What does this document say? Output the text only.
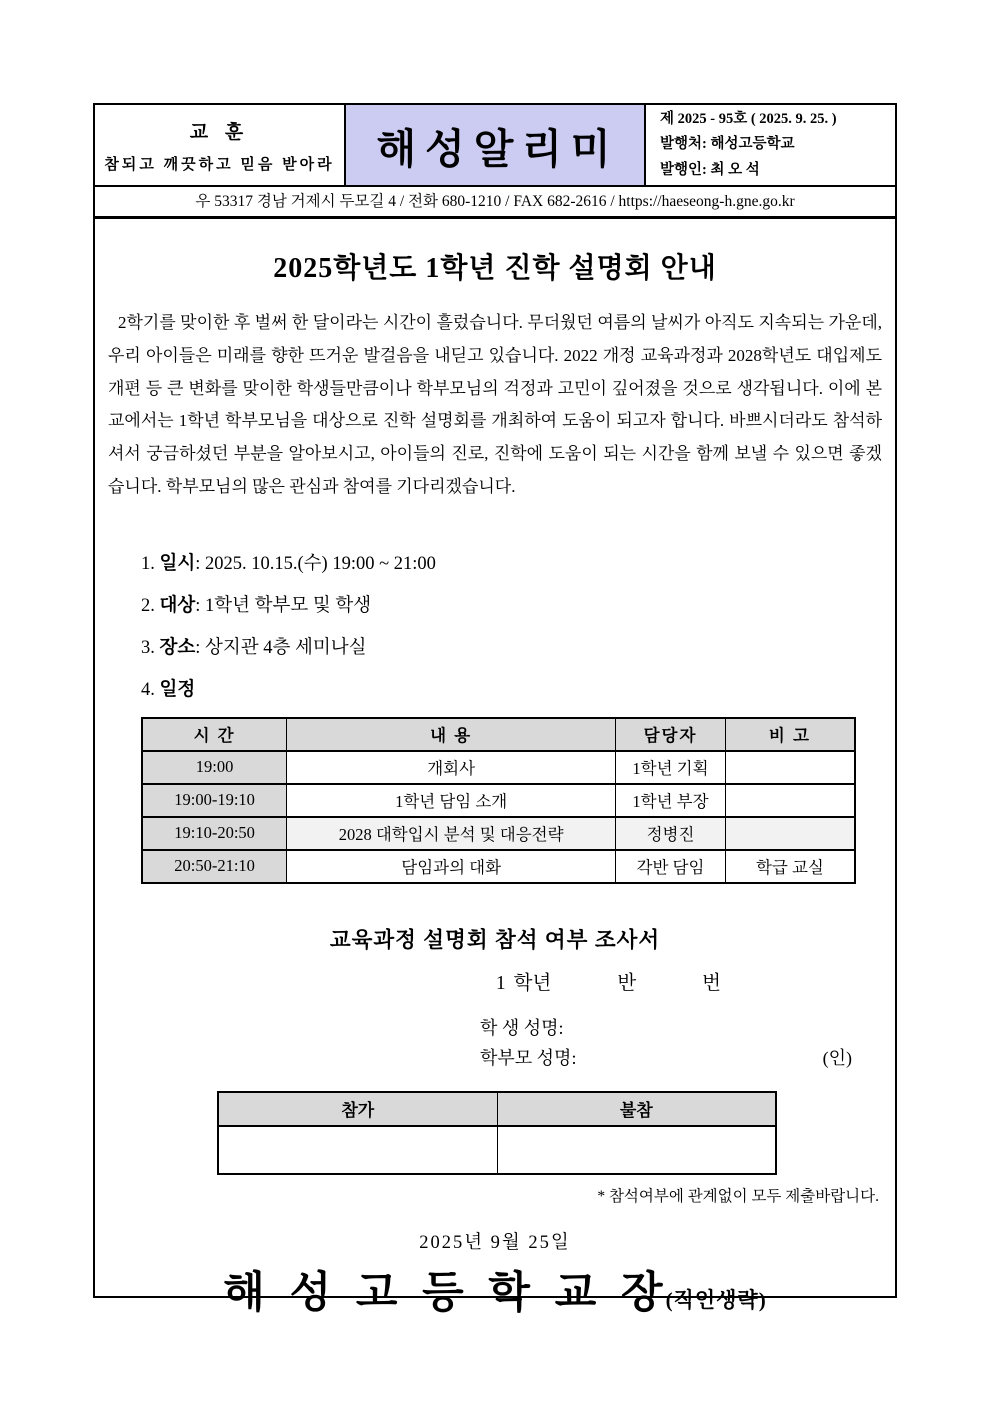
교 훈
참되고 깨끗하고 믿음 받아라	해성알리미
제 2025 - 95호 ( 2025. 9. 25. )
발행처: 해성고등학교
발행인: 최 오 석
우 53317 경남 거제시 두모길 4 / 전화 680-1210 / FAX 682-2616 / https://haeseong-h.gne.go.kr
2025학년도 1학년 진학 설명회 안내
2학기를 맞이한 후 벌써 한 달이라는 시간이 흘렀습니다. 무더웠던 여름의 날씨가 아직도 지속되는 가운데, 우리 아이들은 미래를 향한 뜨거운 발걸음을 내딛고 있습니다. 2022 개정 교육과정과 2028학년도 대입제도 개편 등 큰 변화를 맞이한 학생들만큼이나 학부모님의 걱정과 고민이 깊어졌을 것으로 생각됩니다. 이에 본교에서는 1학년 학부모님을 대상으로 진학 설명회를 개최하여 도움이 되고자 합니다. 바쁘시더라도 참석하셔서 궁금하셨던 부분을 알아보시고, 아이들의 진로, 진학에 도움이 되는 시간을 함께 보낼 수 있으면 좋겠습니다. 학부모님의 많은 관심과 참여를 기다리겠습니다.
1. 일시: 2025. 10.15.(수) 19:00 ~ 21:00
2. 대상: 1학년 학부모 및 학생
3. 장소: 상지관 4층 세미나실
4. 일정
시 간	내 용	담당자	비 고
19:00	개회사	1학년 기획	
19:00-19:10	1학년 담임 소개	1학년 부장	
19:10-20:50	2028 대학입시 분석 및 대응전략	정병진	
20:50-21:10	담임과의 대화	각반 담임	학급 교실
교육과정 설명회 참석 여부 조사서
1 학년	반	번
학 생 성명:
학부모 성명:	(인)
참가	불참

* 참석여부에 관계없이 모두 제출바랍니다.
2025년 9월 25일
해 성 고 등 학 교 장(직인생략)
